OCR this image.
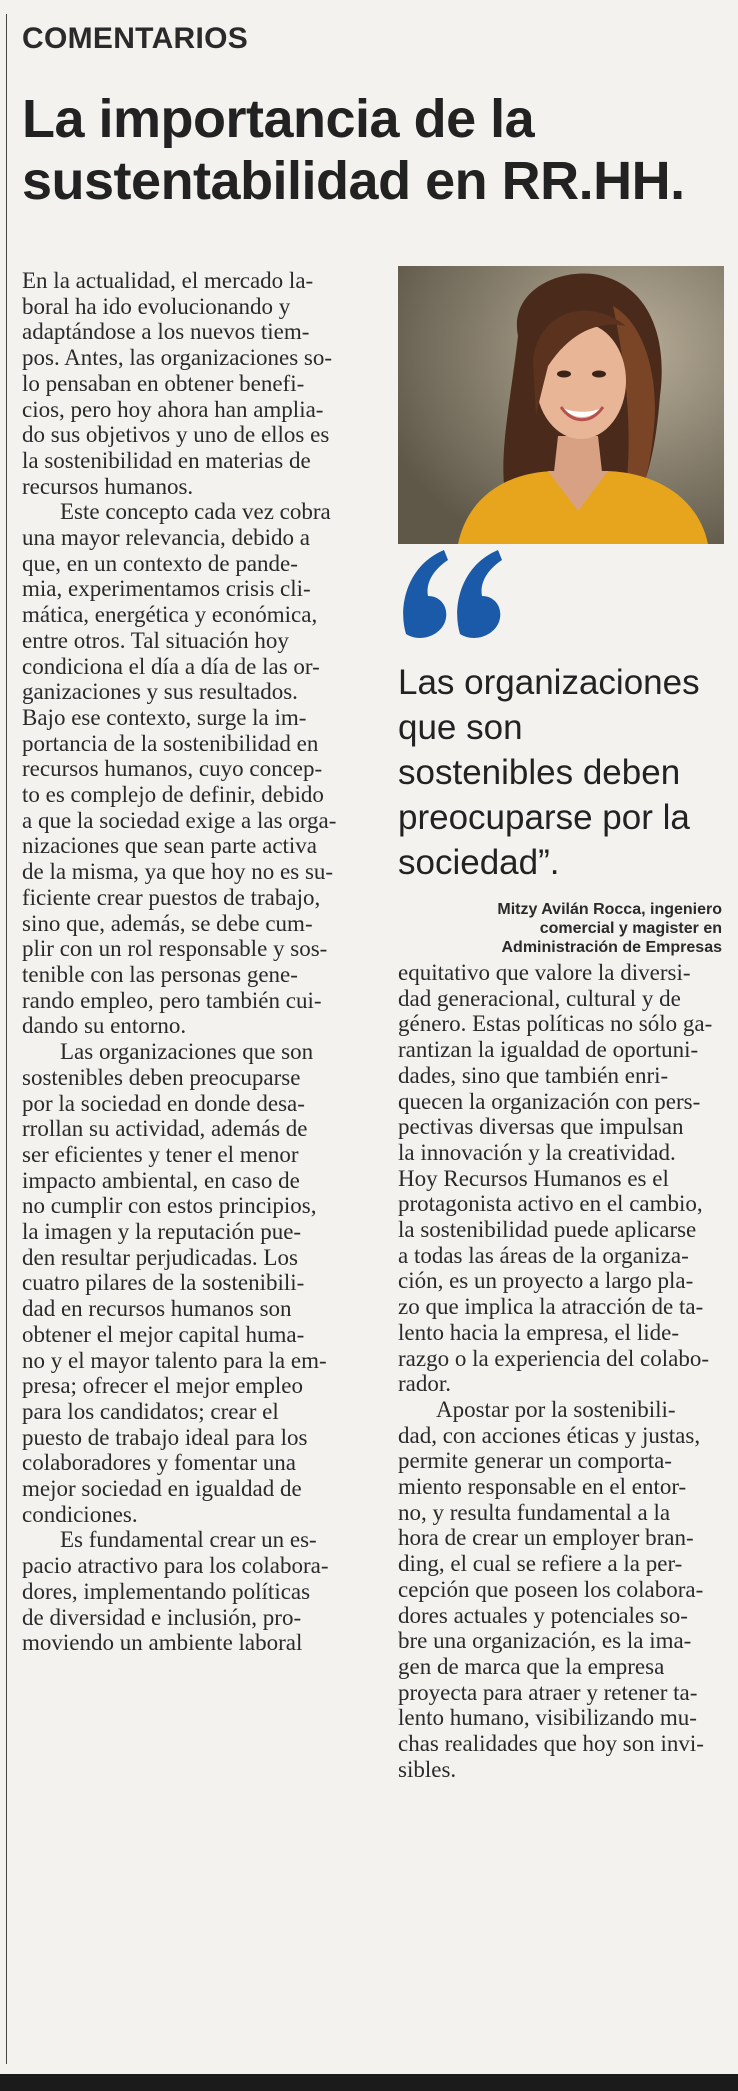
COMENTARIOS
La importancia de la sustentabilidad en RR.HH.

En la actualidad, el mercado la-
boral ha ido evolucionando y
adaptándose a los nuevos tiem-
pos. Antes, las organizaciones so-
lo pensaban en obtener benefi-
cios, pero hoy ahora han amplia-
do sus objetivos y uno de ellos es
la sostenibilidad en materias de
recursos humanos.

Este concepto cada vez cobra
una mayor relevancia, debido a
que, en un contexto de pande-
mia, experimentamos crisis cli-
mática, energética y económica,
entre otros. Tal situación hoy
condiciona el día a día de las or-
ganizaciones y sus resultados.
Bajo ese contexto, surge la im-
portancia de la sostenibilidad en
recursos humanos, cuyo concep-
to es complejo de definir, debido
a que la sociedad exige a las orga-
nizaciones que sean parte activa
de la misma, ya que hoy no es su-
ficiente crear puestos de trabajo,
sino que, además, se debe cum-
plir con un rol responsable y sos-
tenible con las personas gene-
rando empleo, pero también cui-
dando su entorno.

Las organizaciones que son
sostenibles deben preocuparse
por la sociedad en donde desa-
rrollan su actividad, además de
ser eficientes y tener el menor
impacto ambiental, en caso de
no cumplir con estos principios,
la imagen y la reputación pue-
den resultar perjudicadas. Los
cuatro pilares de la sostenibili-
dad en recursos humanos son
obtener el mejor capital huma-
no y el mayor talento para la em-
presa; ofrecer el mejor empleo
para los candidatos; crear el
puesto de trabajo ideal para los
colaboradores y fomentar una
mejor sociedad en igualdad de
condiciones.

Es fundamental crear un es-
pacio atractivo para los colabora-
dores, implementando políticas
de diversidad e inclusión, pro-
moviendo un ambiente laboral

Las organizaciones
que son
sostenibles deben
preocuparse por la
sociedad”.
Mitzy Avilán Rocca, ingeniero
comercial y magister en
Administración de Empresas

equitativo que valore la diversi-
dad generacional, cultural y de
género. Estas políticas no sólo ga-
rantizan la igualdad de oportuni-
dades, sino que también enri-
quecen la organización con pers-
pectivas diversas que impulsan
la innovación y la creatividad.
Hoy Recursos Humanos es el
protagonista activo en el cambio,
la sostenibilidad puede aplicarse
a todas las áreas de la organiza-
ción, es un proyecto a largo pla-
zo que implica la atracción de ta-
lento hacia la empresa, el lide-
razgo o la experiencia del colabo-
rador.

Apostar por la sostenibili-
dad, con acciones éticas y justas,
permite generar un comporta-
miento responsable en el entor-
no, y resulta fundamental a la
hora de crear un employer bran-
ding, el cual se refiere a la per-
cepción que poseen los colabora-
dores actuales y potenciales so-
bre una organización, es la ima-
gen de marca que la empresa
proyecta para atraer y retener ta-
lento humano, visibilizando mu-
chas realidades que hoy son invi-
sibles.
